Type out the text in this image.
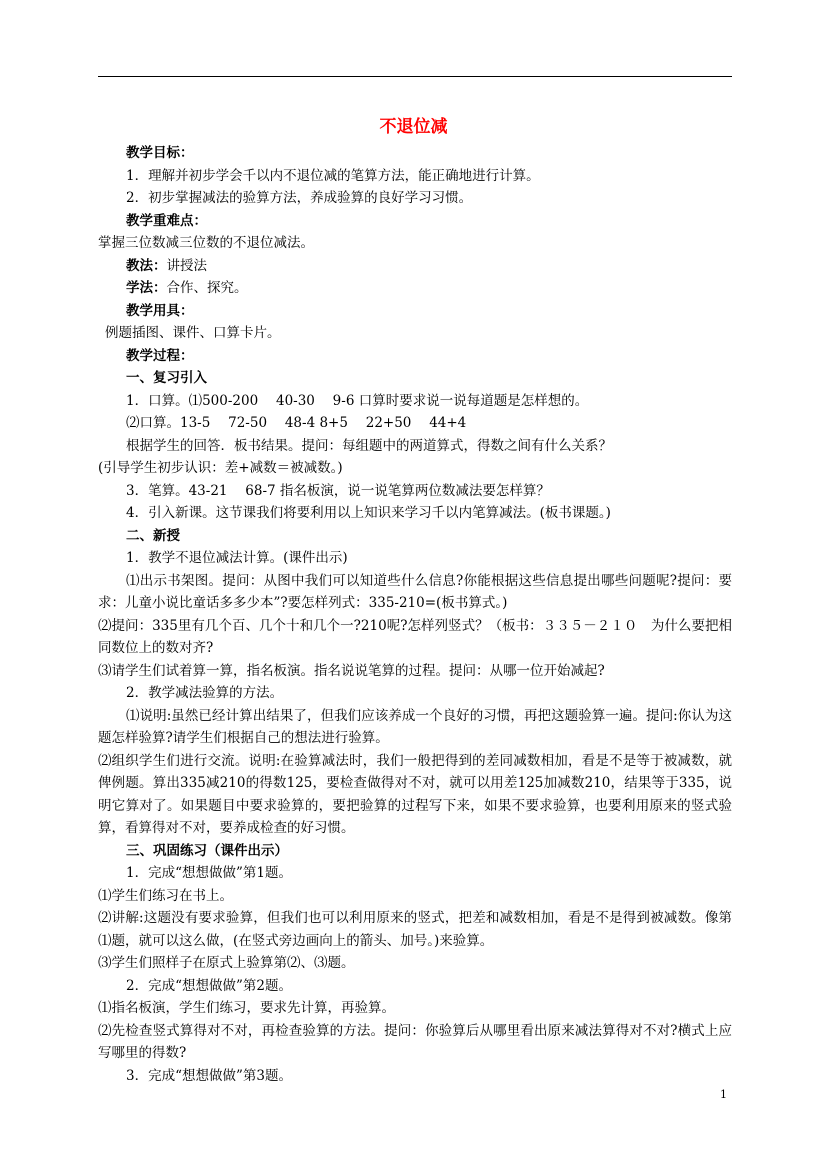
不退位减

教学目标：

1．理解并初步学会千以内不退位减的笔算方法，能正确地进行计算。

2．初步掌握减法的验算方法，养成验算的良好学习习惯。

教学重难点：

掌握三位数减三位数的不退位减法。

教法：讲授法

学法：合作、探究。

教学用具：

例题插图、课件、口算卡片。

教学过程：

一、复习引入

1．口算。⑴500-200　 40-30　 9-6 口算时要求说一说每道题是怎样想的。

⑵口算。13-5　 72-50　 48-4 8+5　 22+50　 44+4

根据学生的回答．板书结果。提问：每组题中的两道算式，得数之间有什么关系？

(引导学生初步认识：差+减数＝被减数。)

3．笔算。43-21　 68-7 指名板演，说一说笔算两位数减法要怎样算？

4．引入新课。这节课我们将要利用以上知识来学习千以内笔算减法。(板书课题。)

二、新授

1．教学不退位减法计算。(课件出示)

⑴出示书架图。提问：从图中我们可以知道些什么信息?你能根据这些信息提出哪些问题呢?提问：要求：儿童小说比童话多多少本”?要怎样列式：335-210=(板书算式。)

⑵提问：335里有几个百、几个十和几个一?210呢?怎样列竖式？（板书：３３５－２１０　为什么要把相同数位上的数对齐?

⑶请学生们试着算一算，指名板演。指名说说笔算的过程。提问：从哪一位开始减起?

2．教学减法验算的方法。

⑴说明:虽然已经计算出结果了，但我们应该养成一个良好的习惯，再把这题验算一遍。提问:你认为这题怎样验算?请学生们根据自己的想法进行验算。

⑵组织学生们进行交流。说明:在验算减法时，我们一般把得到的差同减数相加，看是不是等于被减数，就俾例题。算出335减210的得数125，要检查做得对不对，就可以用差125加减数210，结果等于335，说明它算对了。如果题目中要求验算的，要把验算的过程写下来，如果不要求验算，也要利用原来的竖式验算，看算得对不对，要养成检查的好习惯。

三、巩固练习（课件出示）

1．完成“想想做做”第1题。

⑴学生们练习在书上。

⑵讲解:这题没有要求验算，但我们也可以利用原来的竖式，把差和减数相加，看是不是得到被减数。像第⑴题，就可以这么做，(在竖式旁边画向上的箭头、加号。)来验算。

⑶学生们照样子在原式上验算第⑵、⑶题。

2．完成“想想做做”第2题。

⑴指名板演，学生们练习，要求先计算，再验算。

⑵先检查竖式算得对不对，再检查验算的方法。提问：你验算后从哪里看出原来减法算得对不对?横式上应写哪里的得数?

3．完成“想想做做”第3题。

1
